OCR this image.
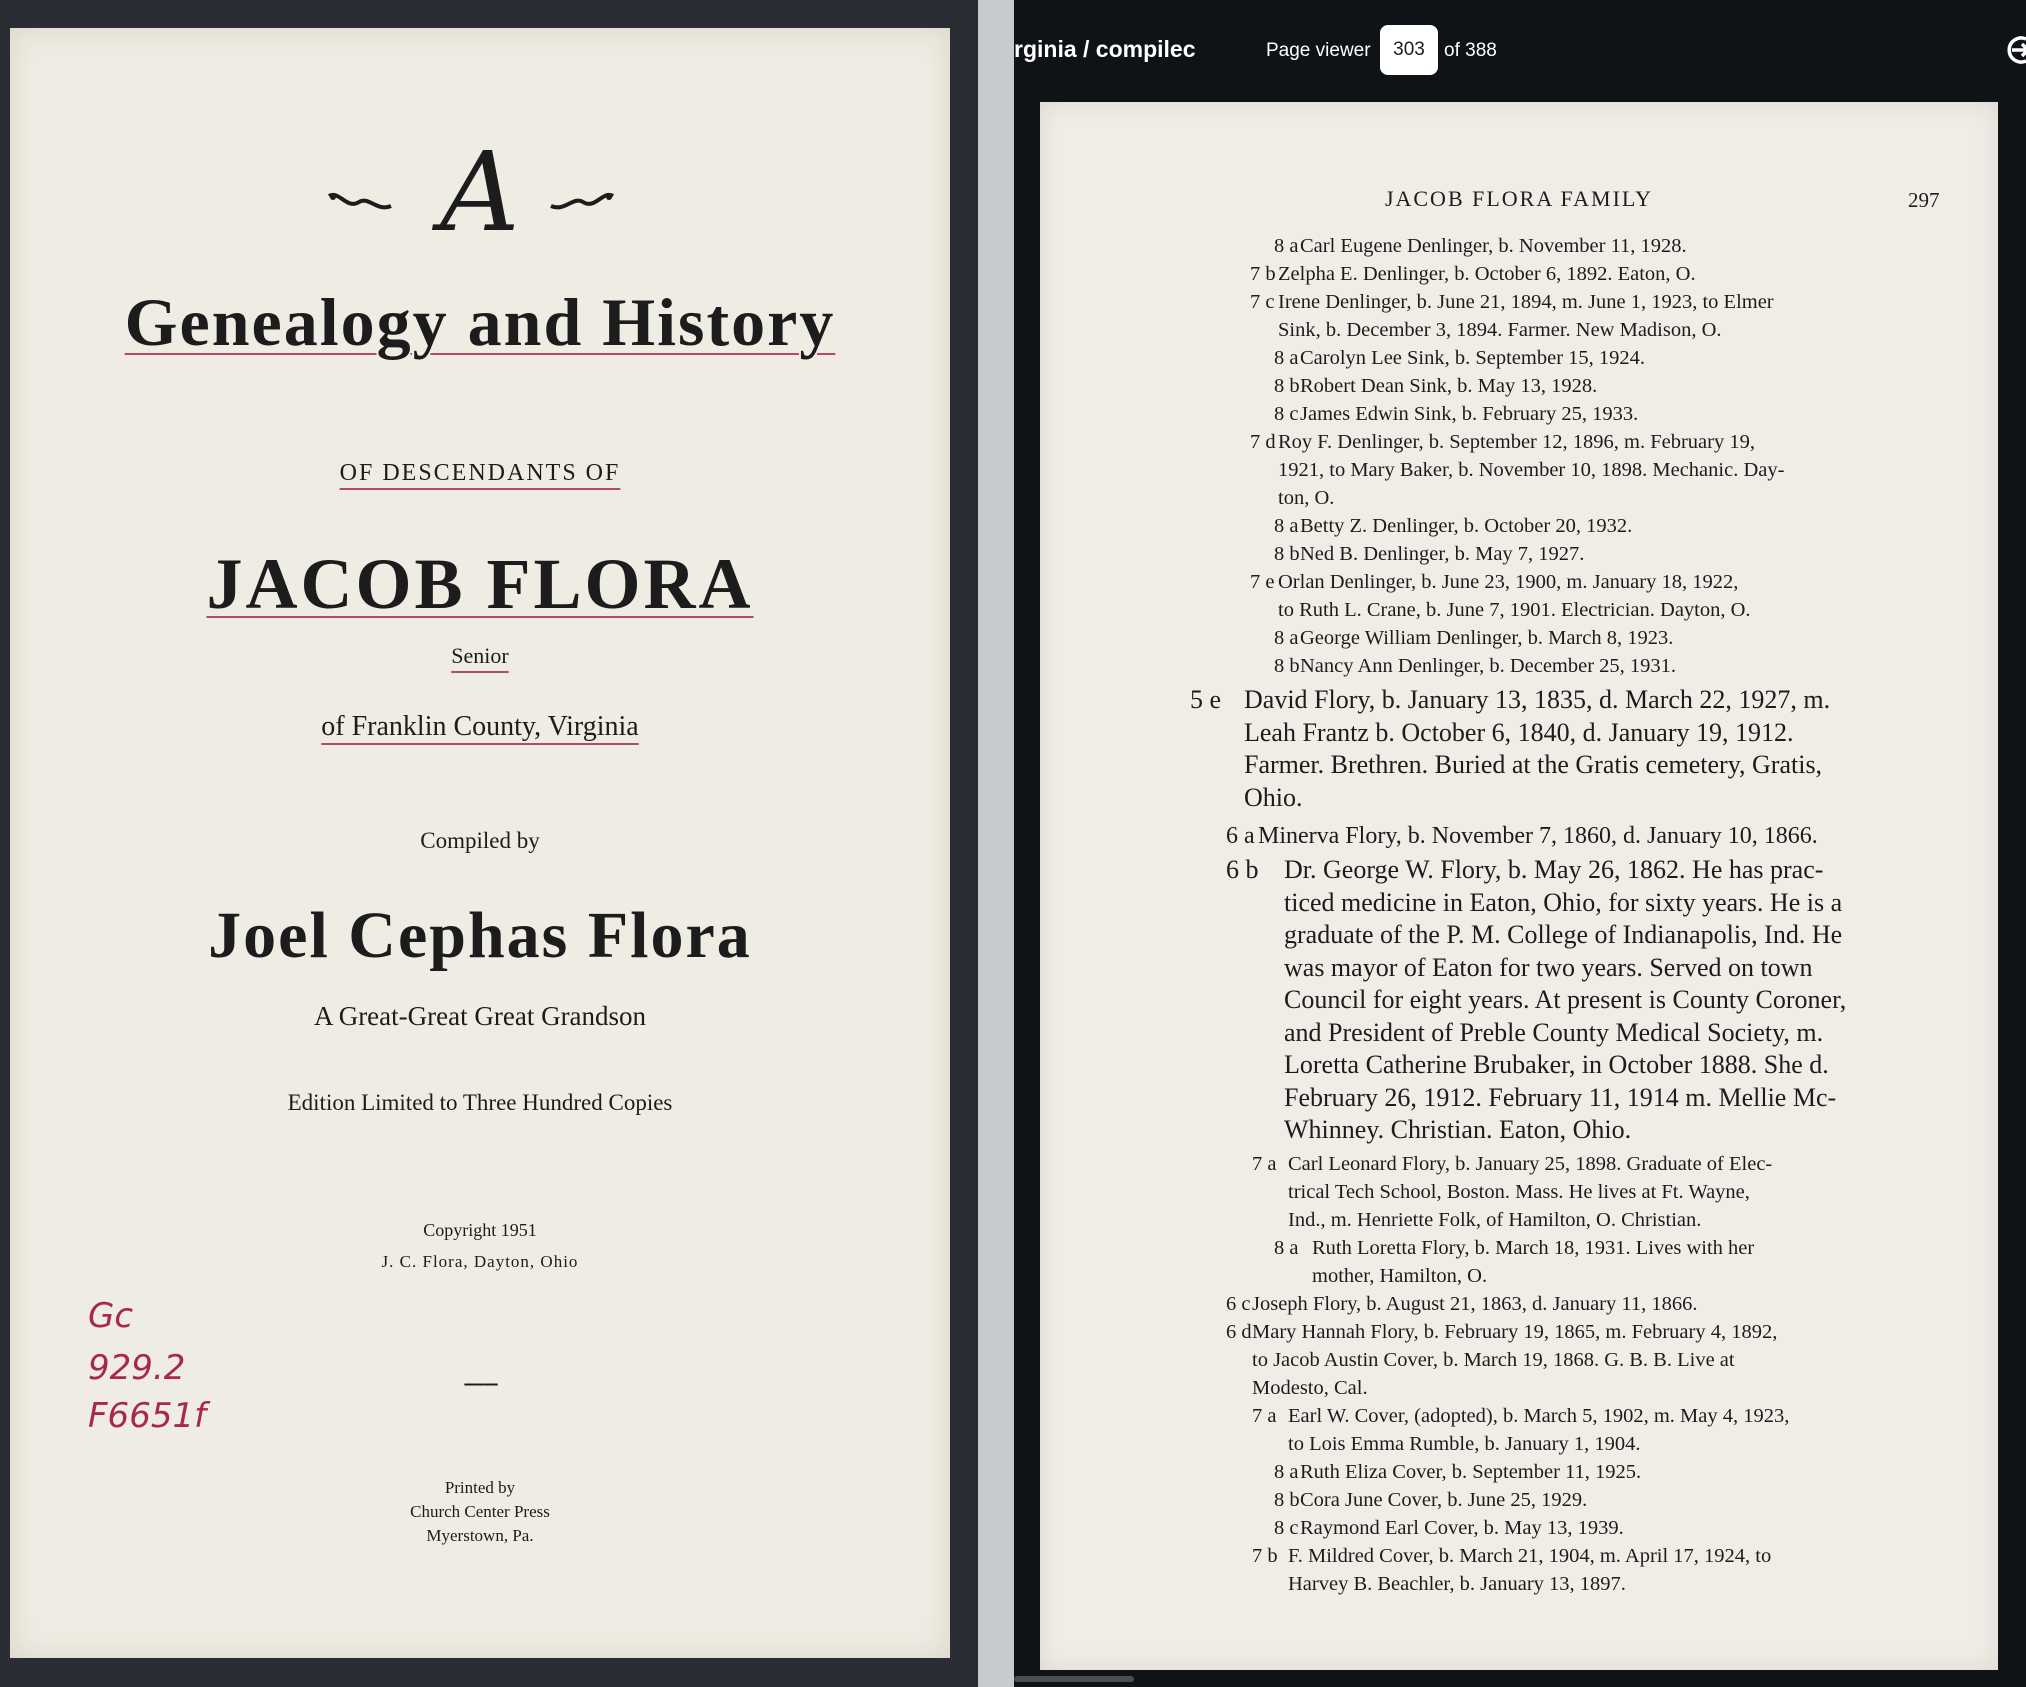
A
Genealogy and History
OF DESCENDANTS OF
JACOB FLORA
Senior
of Franklin County, Virginia
Compiled by
Joel Cephas Flora
A Great-Great Great Grandson
Edition Limited to Three Hundred Copies
Copyright 1951
J. C. Flora, Dayton, Ohio
-----
Printed by
Church Center Press
Myerstown, Pa.
Gc
929.2
F6651f
rginia / compilec	Page viewer
303	of 388
JACOB FLORA FAMILY	297
8 aCarl Eugene Denlinger, b. November 11, 1928.
7 b Zelpha E. Denlinger, b. October 6, 1892. Eaton, O.
7 c Irene Denlinger, b. June 21, 1894, m. June 1, 1923, to Elmer
Sink, b. December 3, 1894. Farmer. New Madison, O.
8 aCarolyn Lee Sink, b. September 15, 1924.
8 bRobert Dean Sink, b. May 13, 1928.
8 cJames Edwin Sink, b. February 25, 1933.
7 d Roy F. Denlinger, b. September 12, 1896, m. February 19,
1921, to Mary Baker, b. November 10, 1898. Mechanic. Day-
ton, O.
8 aBetty Z. Denlinger, b. October 20, 1932.
8 bNed B. Denlinger, b. May 7, 1927.
7 e Orlan Denlinger, b. June 23, 1900, m. January 18, 1922,
to Ruth L. Crane, b. June 7, 1901. Electrician. Dayton, O.
8 aGeorge William Denlinger, b. March 8, 1923.
8 bNancy Ann Denlinger, b. December 25, 1931.
5 e David Flory, b. January 13, 1835, d. March 22, 1927, m.
Leah Frantz b. October 6, 1840, d. January 19, 1912.
Farmer. Brethren. Buried at the Gratis cemetery, Gratis,
Ohio.
6 a Minerva Flory, b. November 7, 1860, d. January 10, 1866.
6 b Dr. George W. Flory, b. May 26, 1862. He has prac-
ticed medicine in Eaton, Ohio, for sixty years. He is a
graduate of the P. M. College of Indianapolis, Ind. He
was mayor of Eaton for two years. Served on town
Council for eight years. At present is County Coroner,
and President of Preble County Medical Society, m.
Loretta Catherine Brubaker, in October 1888. She d.
February 26, 1912. February 11, 1914 m. Mellie Mc-
Whinney. Christian. Eaton, Ohio.
7 a Carl Leonard Flory, b. January 25, 1898. Graduate of Elec-
trical Tech School, Boston. Mass. He lives at Ft. Wayne,
Ind., m. Henriette Folk, of Hamilton, O. Christian.
8 a Ruth Loretta Flory, b. March 18, 1931. Lives with her
mother, Hamilton, O.
6 cJoseph Flory, b. August 21, 1863, d. January 11, 1866.
6 dMary Hannah Flory, b. February 19, 1865, m. February 4, 1892,
to Jacob Austin Cover, b. March 19, 1868. G. B. B. Live at
Modesto, Cal.
7 a Earl W. Cover, (adopted), b. March 5, 1902, m. May 4, 1923,
to Lois Emma Rumble, b. January 1, 1904.
8 aRuth Eliza Cover, b. September 11, 1925.
8 bCora June Cover, b. June 25, 1929.
8 cRaymond Earl Cover, b. May 13, 1939.
7 b F. Mildred Cover, b. March 21, 1904, m. April 17, 1924, to
Harvey B. Beachler, b. January 13, 1897.
